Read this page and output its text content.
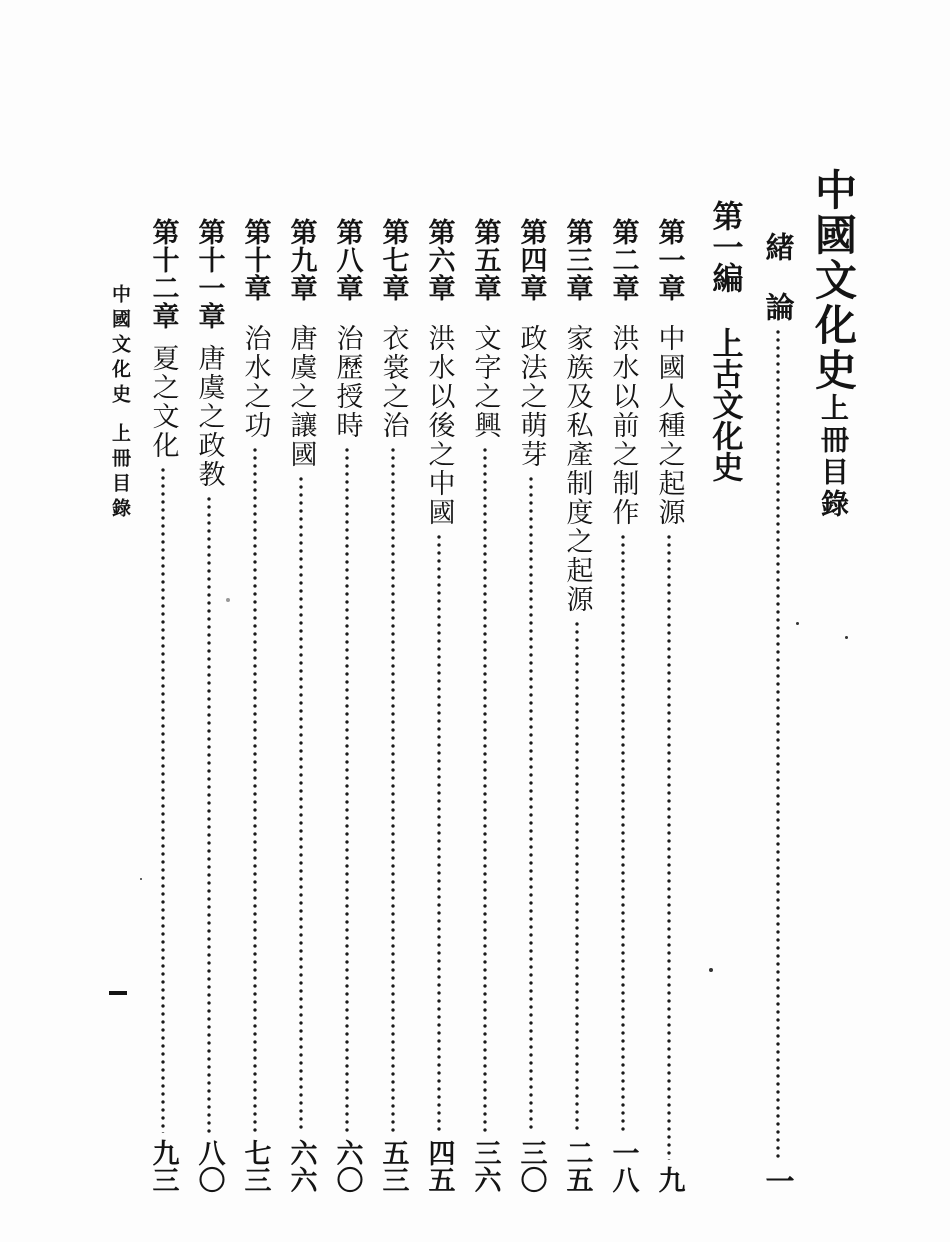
中國文化史上冊目錄
緒　論
一
第一編
上古文化史
第一章
中國人種之起源
九
第二章
洪水以前之制作
一八
第三章
家族及私產制度之起源
二五
第四章
政法之萌芽
三〇
第五章
文字之興
三六
第六章
洪水以後之中國
四五
第七章
衣裳之治
五三
第八章
治歷授時
六〇
第九章
唐虞之讓國
六六
第十章
治水之功
七三
第十一章
唐虞之政教
八〇
第十二章
夏之文化
九三
中國文化史上冊目錄
